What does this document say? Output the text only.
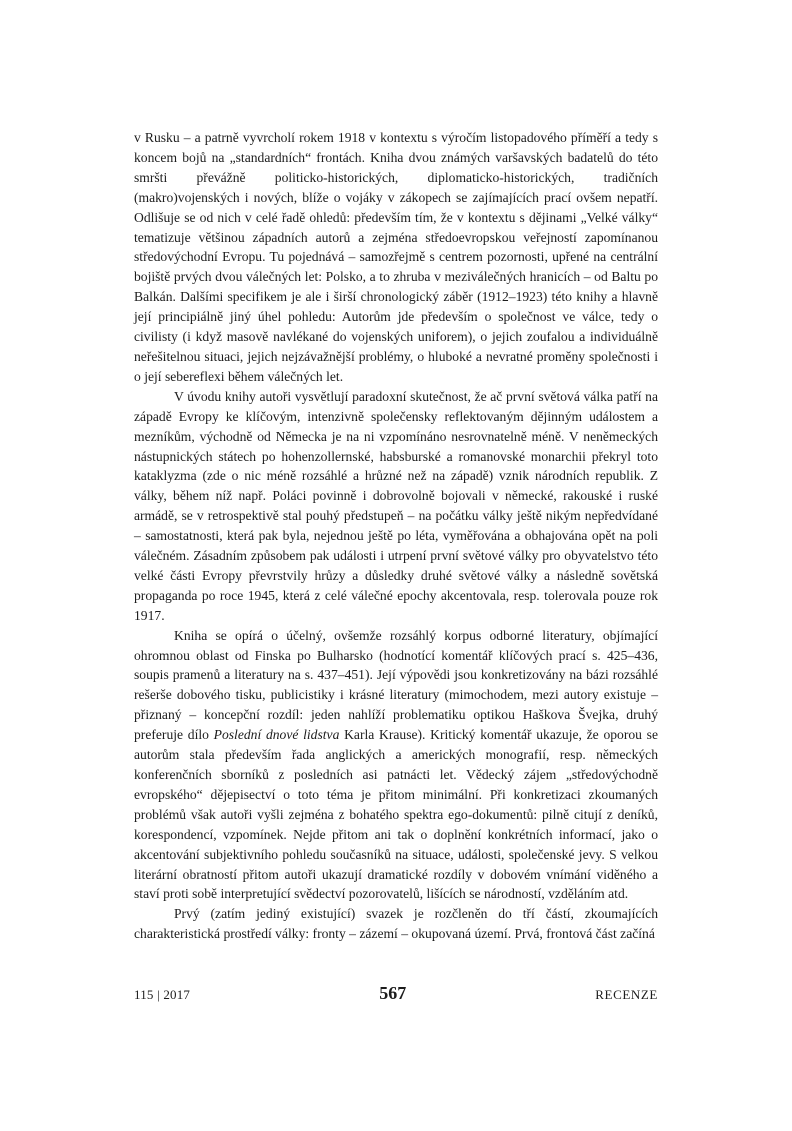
v Rusku – a patrně vyvrcholí rokem 1918 v kontextu s výročím listopadového příměří a tedy s koncem bojů na „standardních“ frontách. Kniha dvou známých varšavských badatelů do této smršti převážně politicko-historických, diplomaticko-historických, tradičních (makro)vojenských i nových, blíže o vojáky v zákopech se zajímajících prací ovšem nepatří. Odlišuje se od nich v celé řadě ohledů: především tím, že v kontextu s dějinami „Velké války“ tematizuje většinou západních autorů a zejména středoevropskou veřejností zapomínanou středovýchodní Evropu. Tu pojednává – samozřejmě s centrem pozornosti, upřené na centrální bojiště prvých dvou válečných let: Polsko, a to zhruba v meziválečných hranicích – od Baltu po Balkán. Dalšími specifikem je ale i širší chronologický záběr (1912–1923) této knihy a hlavně její principiálně jiný úhel pohledu: Autorům jde především o společnost ve válce, tedy o civilisty (i když masově navlékané do vojenských uniforem), o jejich zoufalou a individuálně neřešitelnou situaci, jejich nejzávažnější problémy, o hluboké a nevratné proměny společnosti i o její sebereflexi během válečných let.

V úvodu knihy autoři vysvětlují paradoxní skutečnost, že ač první světová válka patří na západě Evropy ke klíčovým, intenzivně společensky reflektovaným dějinným událostem a mezníkům, východně od Německa je na ni vzpomínáno nesrovnatelně méně. V neněmeckých nástupnických státech po hohenzollernské, habsburské a romanovské monarchii překryl toto kataklyzma (zde o nic méně rozsáhlé a hrůzné než na západě) vznik národních republik. Z války, během níž např. Poláci povinně i dobrovolně bojovali v německé, rakouské i ruské armádě, se v retrospektivě stal pouhý předstupeň – na počátku války ještě nikým nepředvídané – samostatnosti, která pak byla, nejednou ještě po léta, vyměřována a obhajována opět na poli válečném. Zásadním způsobem pak události i utrpení první světové války pro obyvatelstvo této velké části Evropy převrstvily hrůzy a důsledky druhé světové války a následně sovětská propaganda po roce 1945, která z celé válečné epochy akcentovala, resp. tolerovala pouze rok 1917.

Kniha se opírá o účelný, ovšemže rozsáhlý korpus odborné literatury, objímající ohromnou oblast od Finska po Bulharsko (hodnotící komentář klíčových prací s. 425–436, soupis pramenů a literatury na s. 437–451). Její výpovědi jsou konkretizovány na bázi rozsáhlé rešerše dobového tisku, publicistiky i krásné literatury (mimochodem, mezi autory existuje – přiznaný – koncepční rozdíl: jeden nahlíží problematiku optikou Haškova Švejka, druhý preferuje dílo Poslední dnové lidstva Karla Krause). Kritický komentář ukazuje, že oporou se autorům stala především řada anglických a amerických monografií, resp. německých konferenčních sborníků z posledních asi patnácti let. Vědecký zájem „středovýchodně evropského“ dějepisectví o toto téma je přitom minimální. Při konkretizaci zkoumaných problémů však autoři vyšli zejména z bohatého spektra ego-dokumentů: pilně citují z deníků, korespondencí, vzpomínek. Nejde přitom ani tak o doplnění konkrétních informací, jako o akcentování subjektivního pohledu současníků na situace, události, společenské jevy. S velkou literární obratností přitom autoři ukazují dramatické rozdíly v dobovém vnímání viděného a staví proti sobě interpretující svědectví pozorovatelů, lišících se národností, vzděláním atd.

Prvý (zatím jediný existující) svazek je rozčleněn do tří částí, zkoumajících charakteristická prostředí války: fronty – zázemí – okupovaná území. Prvá, frontová část začíná

115 | 2017	567	RECENZE
